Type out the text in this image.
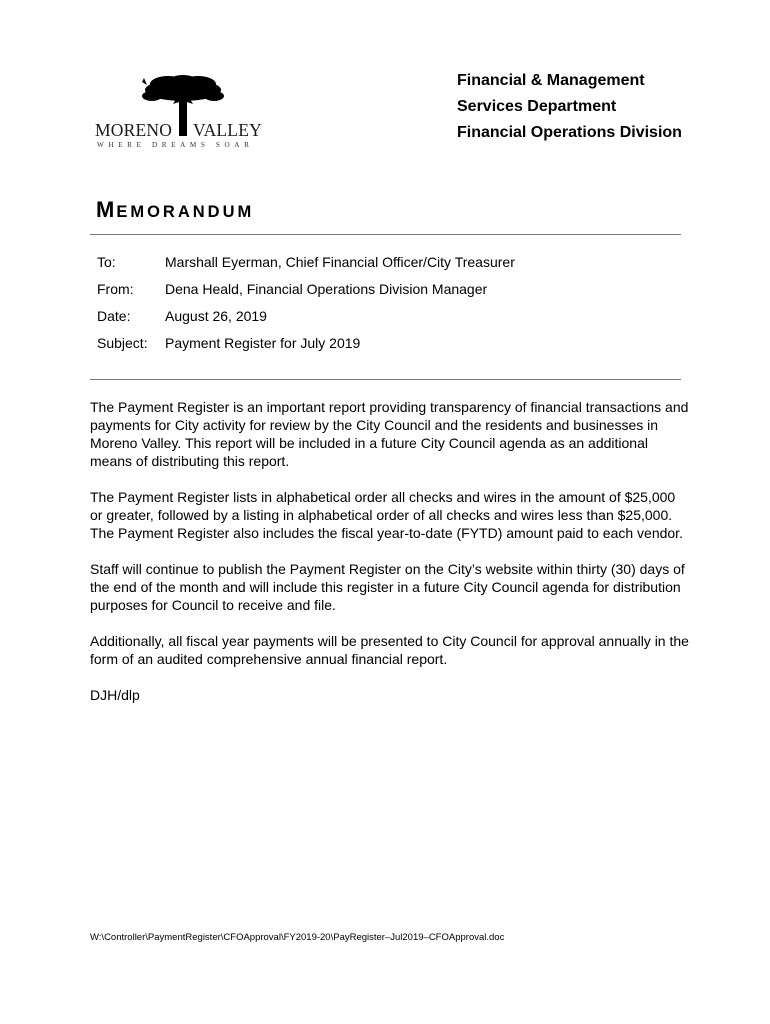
MORENO VALLEY
WHERE DREAMS SOAR
Financial & Management
Services Department
Financial Operations Division
MEMORANDUM
To:	Marshall Eyerman, Chief Financial Officer/City Treasurer
From: Dena Heald, Financial Operations Division Manager
Date: August 26, 2019
Subject: Payment Register for July 2019

The Payment Register is an important report providing transparency of financial transactions and payments for City activity for review by the City Council and the residents and businesses in Moreno Valley. This report will be included in a future City Council agenda as an additional means of distributing this report.

The Payment Register lists in alphabetical order all checks and wires in the amount of $25,000 or greater, followed by a listing in alphabetical order of all checks and wires less than $25,000. The Payment Register also includes the fiscal year-to-date (FYTD) amount paid to each vendor.

Staff will continue to publish the Payment Register on the City’s website within thirty (30) days of the end of the month and will include this register in a future City Council agenda for distribution purposes for Council to receive and file.

Additionally, all fiscal year payments will be presented to City Council for approval annually in the form of an audited comprehensive annual financial report.

DJH/dlp

W:\Controller\PaymentRegister\CFOApproval\FY2019-20\PayRegister–Jul2019–CFOApproval.doc
